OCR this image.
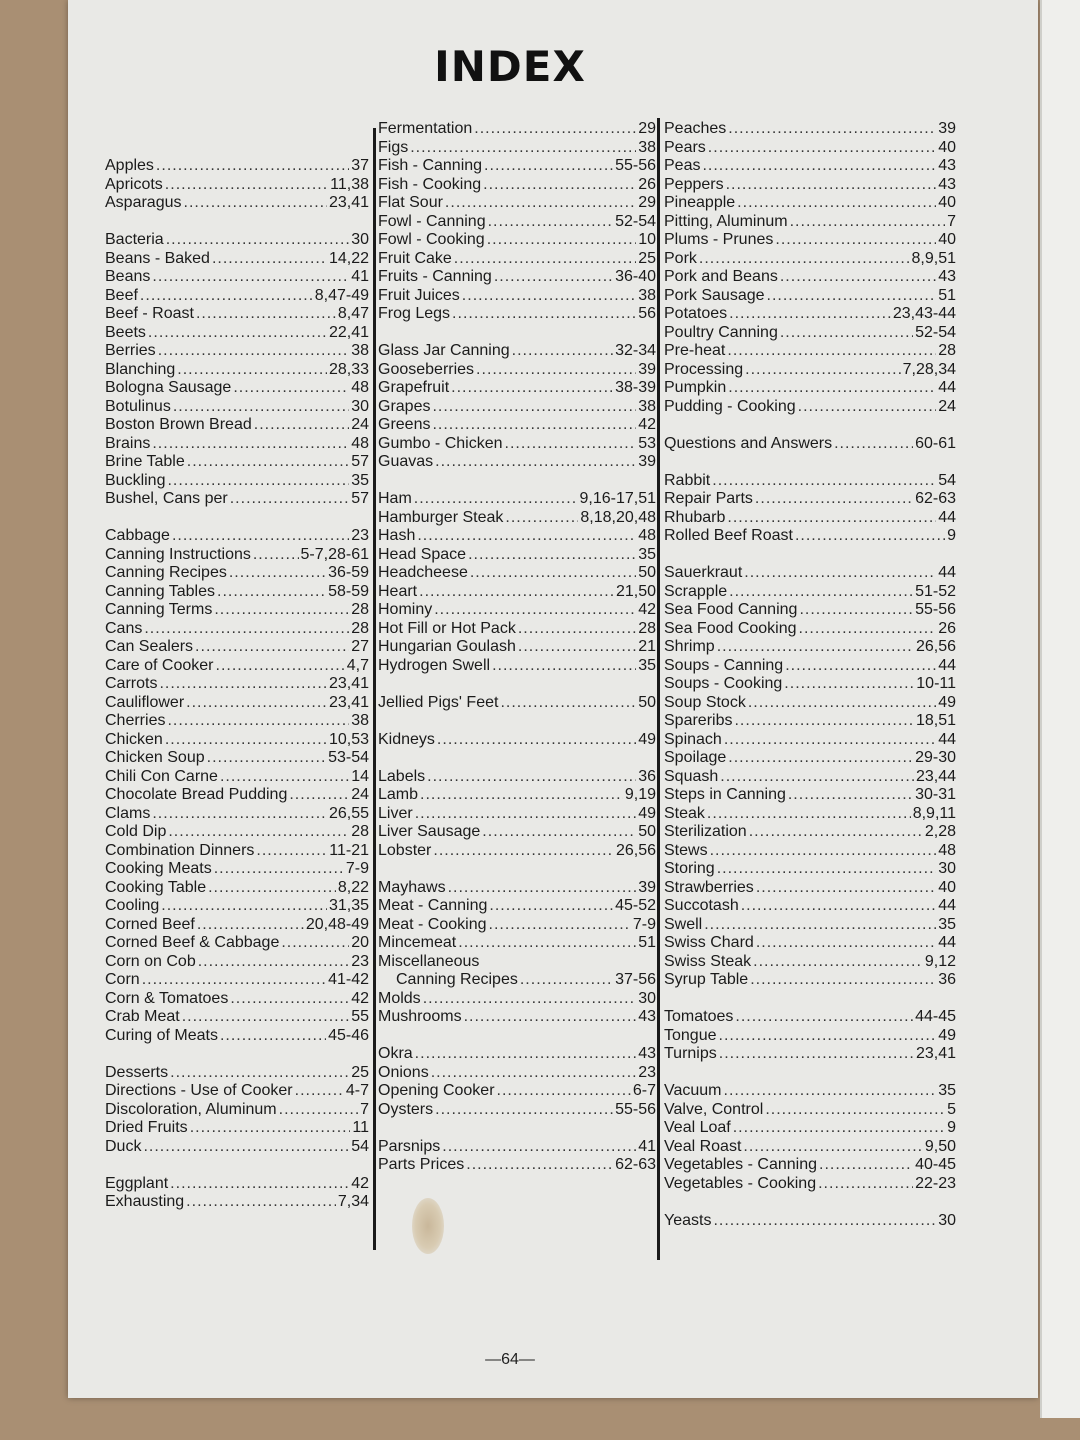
INDEX
Apples .....	37
Apricots .....	11,38
Asparagus .....	23,41
Bacteria .....	30
Beans - Baked .....	14,22
Beans .....	41
Beef .....	8,47-49
Beef - Roast .....	8,47
Beets .....	22,41
Berries .....	38
Blanching .....	28,33
Bologna Sausage .....	48
Botulinus .....	30
Boston Brown Bread .....	24
Brains .....	48
Brine Table .....	57
Buckling .....	35
Bushel, Cans per .....	57
Cabbage .....	23
Canning Instructions .....	5-7,28-61
Canning Recipes .....	36-59
Canning Tables .....	58-59
Canning Terms .....	28
Cans .....	28
Can Sealers .....	27
Care of Cooker .....	4,7
Carrots .....	23,41
Cauliflower .....	23,41
Cherries .....	38
Chicken .....	10,53
Chicken Soup .....	53-54
Chili Con Carne .....	14
Chocolate Bread Pudding .....	24
Clams .....	26,55
Cold Dip .....	28
Combination Dinners .....	11-21
Cooking Meats .....	7-9
Cooking Table .....	8,22
Cooling .....	31,35
Corned Beef .....	20,48-49
Corned Beef & Cabbage .....	20
Corn on Cob .....	23
Corn .....	41-42
Corn & Tomatoes .....	42
Crab Meat .....	55
Curing of Meats .....	45-46
Desserts .....	25
Directions - Use of Cooker .....	4-7
Discoloration, Aluminum .....	7
Dried Fruits .....	11
Duck .....	54
Eggplant .....	42
Exhausting .....	7,34
Fermentation .....	29
Figs .....	38
Fish - Canning .....	55-56
Fish - Cooking .....	26
Flat Sour .....	29
Fowl - Canning .....	52-54
Fowl - Cooking .....	10
Fruit Cake .....	25
Fruits - Canning .....	36-40
Fruit Juices .....	38
Frog Legs .....	56
Glass Jar Canning .....	32-34
Gooseberries .....	39
Grapefruit .....	38-39
Grapes .....	38
Greens .....	42
Gumbo - Chicken .....	53
Guavas .....	39
Ham .....	9,16-17,51
Hamburger Steak .....	8,18,20,48
Hash .....	48
Head Space .....	35
Headcheese .....	50
Heart .....	21,50
Hominy .....	42
Hot Fill or Hot Pack .....	28
Hungarian Goulash .....	21
Hydrogen Swell .....	35
Jellied Pigs' Feet .....	50
Kidneys .....	49
Labels .....	36
Lamb .....	9,19
Liver .....	49
Liver Sausage .....	50
Lobster .....	26,56
Mayhaws .....	39
Meat - Canning .....	45-52
Meat - Cooking .....	7-9
Mincemeat .....	51
Miscellaneous
Canning Recipes .....	37-56
Molds .....	30
Mushrooms .....	43
Okra .....	43
Onions .....	23
Opening Cooker .....	6-7
Oysters .....	55-56
Parsnips .....	41
Parts Prices .....	62-63
Peaches .....	39
Pears .....	40
Peas .....	43
Peppers .....	43
Pineapple .....	40
Pitting, Aluminum .....	7
Plums - Prunes .....	40
Pork .....	8,9,51
Pork and Beans .....	43
Pork Sausage .....	51
Potatoes .....	23,43-44
Poultry Canning .....	52-54
Pre-heat .....	28
Processing .....	7,28,34
Pumpkin .....	44
Pudding - Cooking .....	24
Questions and Answers .....	60-61
Rabbit .....	54
Repair Parts .....	62-63
Rhubarb .....	44
Rolled Beef Roast .....	9
Sauerkraut .....	44
Scrapple .....	51-52
Sea Food Canning .....	55-56
Sea Food Cooking .....	26
Shrimp .....	26,56
Soups - Canning .....	44
Soups - Cooking .....	10-11
Soup Stock .....	49
Spareribs .....	18,51
Spinach .....	44
Spoilage .....	29-30
Squash .....	23,44
Steps in Canning .....	30-31
Steak .....	8,9,11
Sterilization .....	2,28
Stews .....	48
Storing .....	30
Strawberries .....	40
Succotash .....	44
Swell .....	35
Swiss Chard .....	44
Swiss Steak .....	9,12
Syrup Table .....	36
Tomatoes .....	44-45
Tongue .....	49
Turnips .....	23,41
Vacuum .....	35
Valve, Control .....	5
Veal Loaf .....	9
Veal Roast .....	9,50
Vegetables - Canning .....	40-45
Vegetables - Cooking .....	22-23
Yeasts .....	30
—64—
